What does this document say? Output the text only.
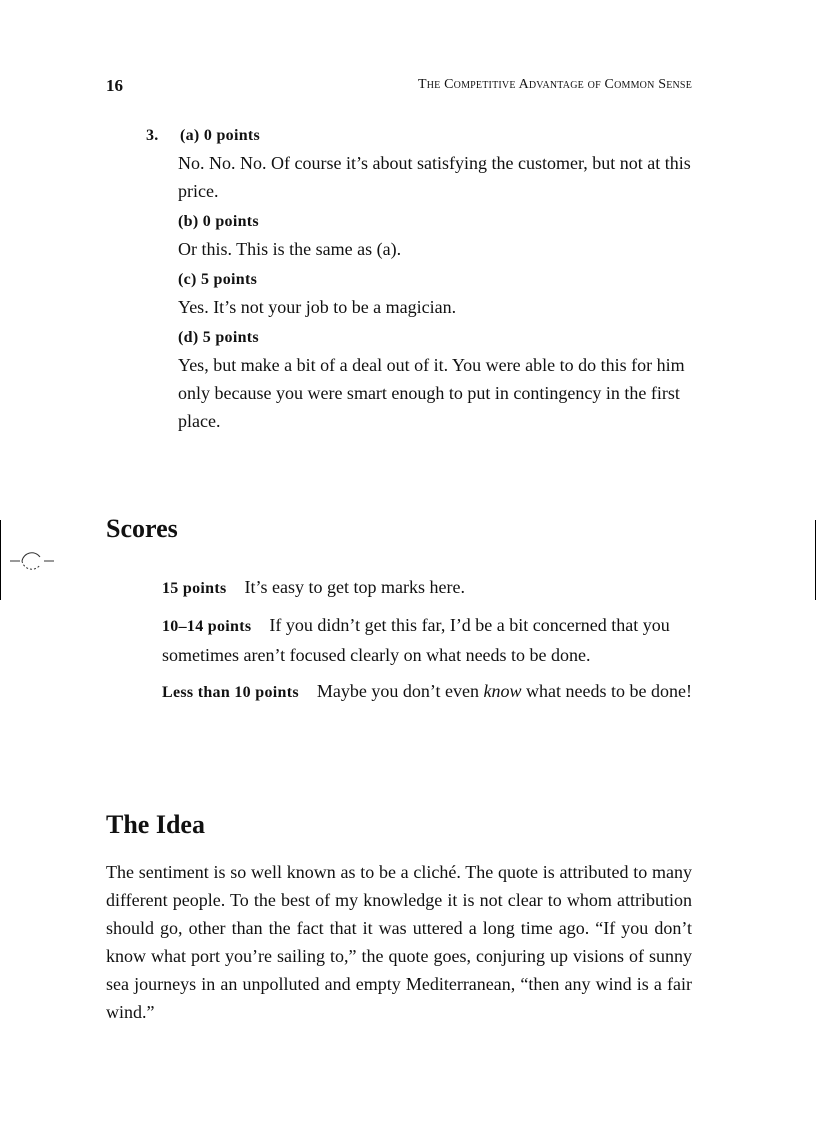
16	The Competitive Advantage of Common Sense
3. (a) 0 points
No. No. No. Of course it’s about satisfying the customer, but not at this price.
(b) 0 points
Or this. This is the same as (a).
(c) 5 points
Yes. It’s not your job to be a magician.
(d) 5 points
Yes, but make a bit of a deal out of it. You were able to do this for him only because you were smart enough to put in contingency in the first place.
Scores
15 points It’s easy to get top marks here.
10–14 points If you didn’t get this far, I’d be a bit concerned that you sometimes aren’t focused clearly on what needs to be done.
Less than 10 points Maybe you don’t even know what needs to be done!
The Idea
The sentiment is so well known as to be a cliché. The quote is attributed to many different people. To the best of my knowledge it is not clear to whom attribution should go, other than the fact that it was uttered a long time ago. “If you don’t know what port you’re sailing to,” the quote goes, conjuring up visions of sunny sea journeys in an unpolluted and empty Mediterranean, “then any wind is a fair wind.”
